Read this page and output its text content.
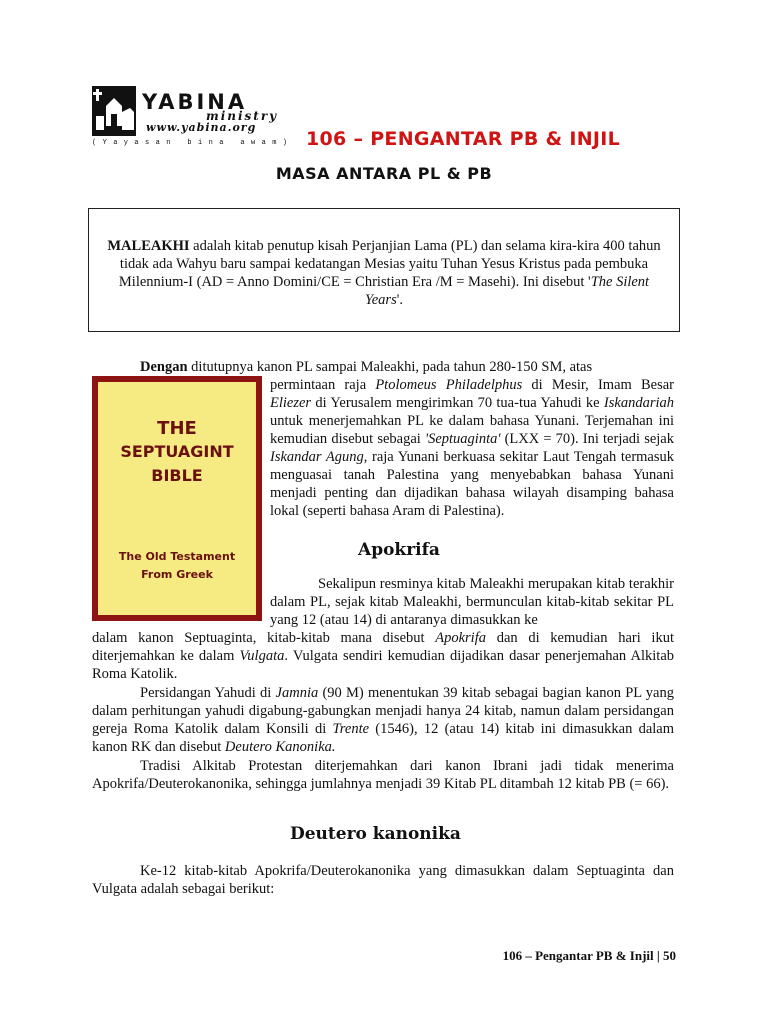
YABINA
ministry
www.yabina.org
(Yayasan bina awam) 106 – PENGANTAR PB & INJIL
MASA ANTARA PL & PB
MALEAKHI adalah kitab penutup kisah Perjanjian Lama (PL) dan selama kira-kira 400 tahun tidak ada Wahyu baru sampai kedatangan Mesias yaitu Tuhan Yesus Kristus pada pembuka Milennium-I (AD = Anno Domini/CE = Christian Era /M = Masehi). Ini disebut 'The Silent Years'.
THE
SEPTUAGINT
BIBLE
The Old Testament
From Greek
Dengan ditutupnya kanon PL sampai Maleakhi, pada tahun 280-150 SM, atas
permintaan raja Ptolomeus Philadelphus di Mesir, Imam Besar Eliezer di Yerusalem mengirimkan 70 tua-tua Yahudi ke Iskandariah untuk menerjemahkan PL ke dalam bahasa Yunani. Terjemahan ini kemudian disebut sebagai 'Septuaginta' (LXX = 70). Ini terjadi sejak Iskandar Agung, raja Yunani berkuasa sekitar Laut Tengah termasuk menguasai tanah Palestina yang menyebabkan bahasa Yunani menjadi penting dan dijadikan bahasa wilayah disamping bahasa lokal (seperti bahasa Aram di Palestina).
Apokrifa
Sekalipun resminya kitab Maleakhi merupakan kitab terakhir dalam PL, sejak kitab Maleakhi, bermunculan kitab-kitab sekitar PL yang 12 (atau 14) di antaranya dimasukkan ke
dalam kanon Septuaginta, kitab-kitab mana disebut Apokrifa dan di kemudian hari ikut diterjemahkan ke dalam Vulgata. Vulgata sendiri kemudian dijadikan dasar penerjemahan Alkitab Roma Katolik.
Persidangan Yahudi di Jamnia (90 M) menentukan 39 kitab sebagai bagian kanon PL yang dalam perhitungan yahudi digabung-gabungkan menjadi hanya 24 kitab, namun dalam persidangan gereja Roma Katolik dalam Konsili di Trente (1546), 12 (atau 14) kitab ini dimasukkan dalam kanon RK dan disebut Deutero Kanonika.
Tradisi Alkitab Protestan diterjemahkan dari kanon Ibrani jadi tidak menerima Apokrifa/Deuterokanonika, sehingga jumlahnya menjadi 39 Kitab PL ditambah 12 kitab PB (= 66).
Deutero kanonika
Ke-12 kitab-kitab Apokrifa/Deuterokanonika yang dimasukkan dalam Septuaginta dan Vulgata adalah sebagai berikut:
106 – Pengantar PB & Injil | 50
